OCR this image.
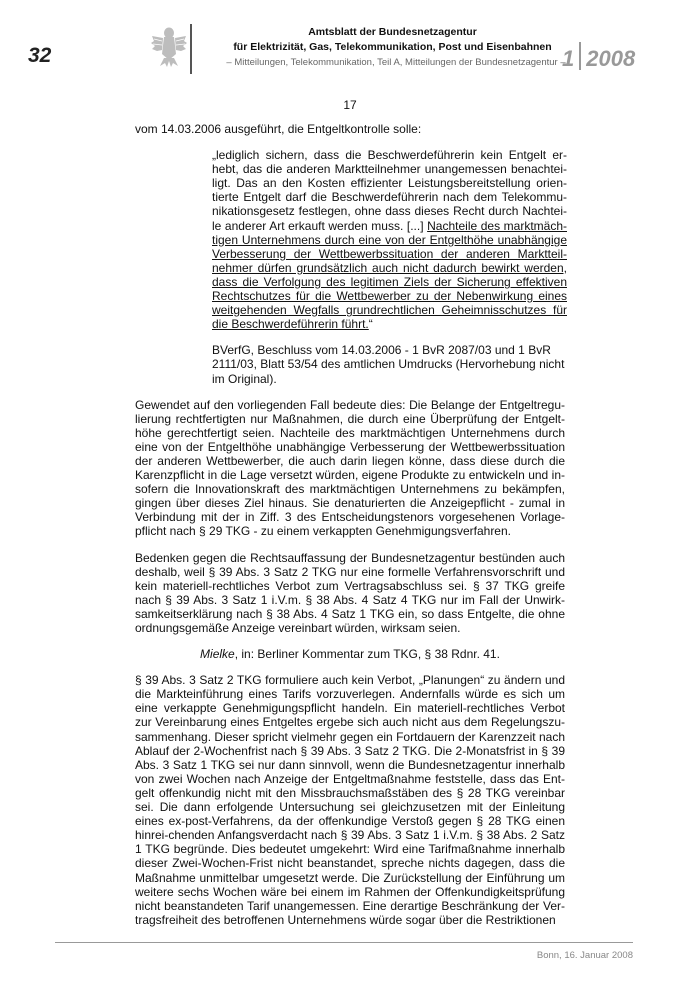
32
Amtsblatt der Bundesnetzagentur
für Elektrizität, Gas, Telekommunikation, Post und Eisenbahnen
– Mitteilungen, Telekommunikation, Teil A, Mitteilungen der Bundesnetzagentur –
1 2008
17

vom 14.03.2006 ausgeführt, die Entgeltkontrolle solle:

„lediglich sichern, dass die Beschwerdeführerin kein Entgelt er-hebt, das die anderen Marktteilnehmer unangemessen benachtei-ligt. Das an den Kosten effizienter Leistungsbereitstellung orien-tierte Entgelt darf die Beschwerdeführerin nach dem Telekommu-nikationsgesetz festlegen, ohne dass dieses Recht durch Nachtei-le anderer Art erkauft werden muss. [...] Nachteile des marktmäch-tigen Unternehmens durch eine von der Entgelthöhe unabhängige Verbesserung der Wettbewerbssituation der anderen Marktteil-nehmer dürfen grundsätzlich auch nicht dadurch bewirkt werden, dass die Verfolgung des legitimen Ziels der Sicherung effektiven Rechtschutzes für die Wettbewerber zu der Nebenwirkung eines weitgehenden Wegfalls grundrechtlichen Geheimnisschutzes für die Beschwerdeführerin führt.“

BVerfG, Beschluss vom 14.03.2006 - 1 BvR 2087/03 und 1 BvR 2111/03, Blatt 53/54 des amtlichen Umdrucks (Hervorhebung nicht im Original).

Gewendet auf den vorliegenden Fall bedeute dies: Die Belange der Entgeltregu-lierung rechtfertigten nur Maßnahmen, die durch eine Überprüfung der Entgelt-höhe gerechtfertigt seien. Nachteile des marktmächtigen Unternehmens durch eine von der Entgelthöhe unabhängige Verbesserung der Wettbewerbssituation der anderen Wettbewerber, die auch darin liegen könne, dass diese durch die Karenzpflicht in die Lage versetzt würden, eigene Produkte zu entwickeln und in-sofern die Innovationskraft des marktmächtigen Unternehmens zu bekämpfen, gingen über dieses Ziel hinaus. Sie denaturierten die Anzeigepflicht - zumal in Verbindung mit der in Ziff. 3 des Entscheidungstenors vorgesehenen Vorlage-pflicht nach § 29 TKG - zu einem verkappten Genehmigungsverfahren.

Bedenken gegen die Rechtsauffassung der Bundesnetzagentur bestünden auch deshalb, weil § 39 Abs. 3 Satz 2 TKG nur eine formelle Verfahrensvorschrift und kein materiell-rechtliches Verbot zum Vertragsabschluss sei. § 37 TKG greife nach § 39 Abs. 3 Satz 1 i.V.m. § 38 Abs. 4 Satz 4 TKG nur im Fall der Unwirk-samkeitserklärung nach § 38 Abs. 4 Satz 1 TKG ein, so dass Entgelte, die ohne ordnungsgemäße Anzeige vereinbart würden, wirksam seien.

Mielke, in: Berliner Kommentar zum TKG, § 38 Rdnr. 41.

§ 39 Abs. 3 Satz 2 TKG formuliere auch kein Verbot, „Planungen“ zu ändern und die Markteinführung eines Tarifs vorzuverlegen. Andernfalls würde es sich um eine verkappte Genehmigungspflicht handeln. Ein materiell-rechtliches Verbot zur Vereinbarung eines Entgeltes ergebe sich auch nicht aus dem Regelungszu-sammenhang. Dieser spricht vielmehr gegen ein Fortdauern der Karenzzeit nach Ablauf der 2-Wochenfrist nach § 39 Abs. 3 Satz 2 TKG. Die 2-Monatsfrist in § 39 Abs. 3 Satz 1 TKG sei nur dann sinnvoll, wenn die Bundesnetzagentur innerhalb von zwei Wochen nach Anzeige der Entgeltmaßnahme feststelle, dass das Ent-gelt offenkundig nicht mit den Missbrauchsmaßstäben des § 28 TKG vereinbar sei. Die dann erfolgende Untersuchung sei gleichzusetzen mit der Einleitung eines ex-post-Verfahrens, da der offenkundige Verstoß gegen § 28 TKG einen hinrei-chenden Anfangsverdacht nach § 39 Abs. 3 Satz 1 i.V.m. § 38 Abs. 2 Satz 1 TKG begründe. Dies bedeutet umgekehrt: Wird eine Tarifmaßnahme innerhalb dieser Zwei-Wochen-Frist nicht beanstandet, spreche nichts dagegen, dass die Maßnahme unmittelbar umgesetzt werde. Die Zurückstellung der Einführung um weitere sechs Wochen wäre bei einem im Rahmen der Offenkundigkeitsprüfung nicht beanstandeten Tarif unangemessen. Eine derartige Beschränkung der Ver-tragsfreiheit des betroffenen Unternehmens würde sogar über die Restriktionen

Bonn, 16. Januar 2008
